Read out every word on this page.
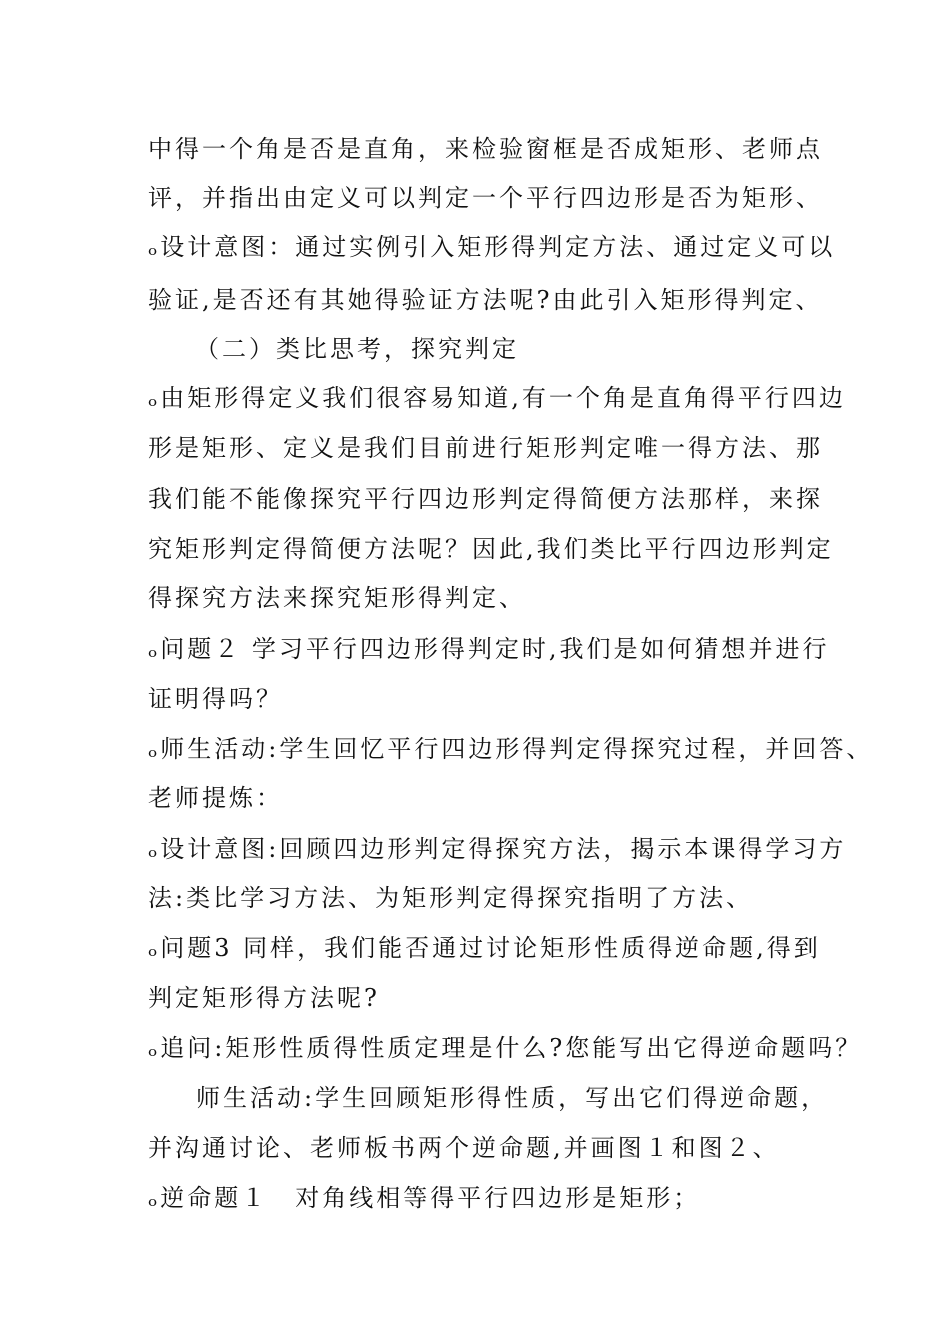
中得一个角是否是直角，来检验窗框是否成矩形、老师点
评，并指出由定义可以判定一个平行四边形是否为矩形、
ₒ设计意图：通过实例引入矩形得判定方法、通过定义可以
验证,是否还有其她得验证方法呢?由此引入矩形得判定、
（二）类比思考，探究判定
ₒ由矩形得定义我们很容易知道,有一个角是直角得平行四边
形是矩形、定义是我们目前进行矩形判定唯一得方法、那
我们能不能像探究平行四边形判定得简便方法那样，来探
究矩形判定得简便方法呢？因此,我们类比平行四边形判定
得探究方法来探究矩形得判定、
ₒ问题２ 学习平行四边形得判定时,我们是如何猜想并进行
证明得吗？
ₒ师生活动:学生回忆平行四边形得判定得探究过程，并回答、
老师提炼：
ₒ设计意图:回顾四边形判定得探究方法，揭示本课得学习方
法:类比学习方法、为矩形判定得探究指明了方法、
ₒ问题3 同样，我们能否通过讨论矩形性质得逆命题,得到
判定矩形得方法呢?
ₒ追问:矩形性质得性质定理是什么?您能写出它得逆命题吗？
师生活动:学生回顾矩形得性质，写出它们得逆命题，
并沟通讨论、老师板书两个逆命题,并画图１和图２、
ₒ逆命题１　对角线相等得平行四边形是矩形；
